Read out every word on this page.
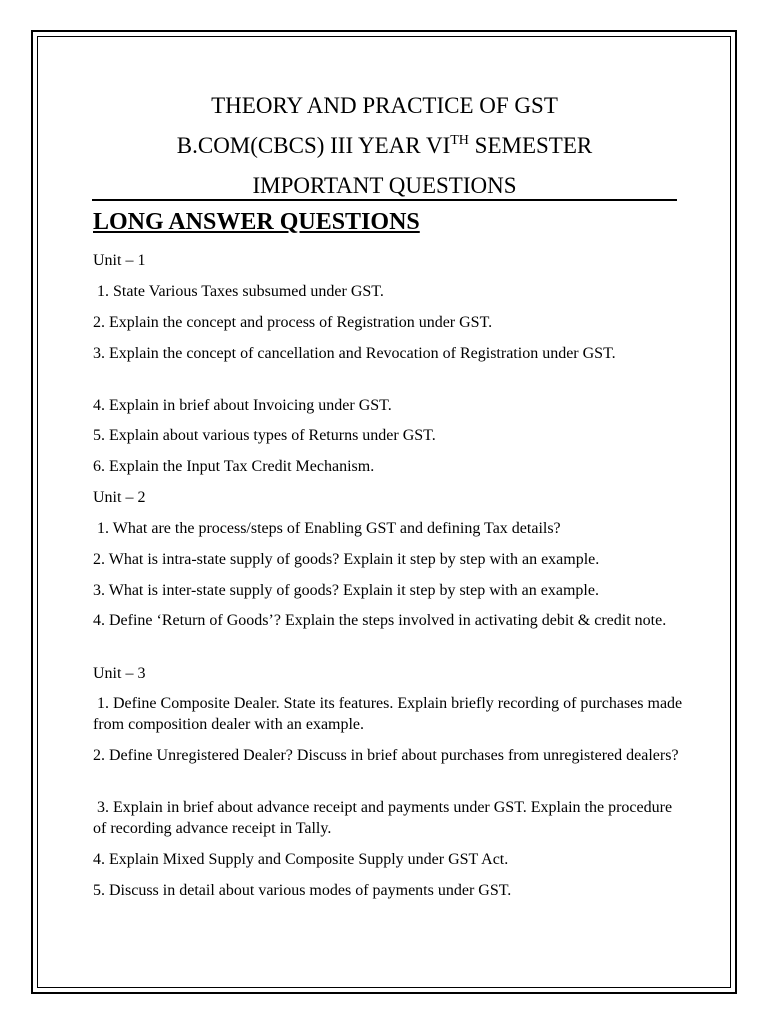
THEORY AND PRACTICE OF GST
B.COM(CBCS) III YEAR VITH SEMESTER
IMPORTANT QUESTIONS
LONG ANSWER QUESTIONS

Unit – 1

1. State Various Taxes subsumed under GST.

2. Explain the concept and process of Registration under GST.

3. Explain the concept of cancellation and Revocation of Registration under GST.

4. Explain in brief about Invoicing under GST.

5. Explain about various types of Returns under GST.

6. Explain the Input Tax Credit Mechanism.

Unit – 2

1. What are the process/steps of Enabling GST and defining Tax details?

2. What is intra-state supply of goods? Explain it step by step with an example.

3. What is inter-state supply of goods? Explain it step by step with an example.

4. Define ‘Return of Goods’? Explain the steps involved in activating debit & credit note.

Unit – 3

1. Define Composite Dealer. State its features. Explain briefly recording of purchases made from composition dealer with an example.

2. Define Unregistered Dealer? Discuss in brief about purchases from unregistered dealers?

3. Explain in brief about advance receipt and payments under GST. Explain the procedure of recording advance receipt in Tally.

4. Explain Mixed Supply and Composite Supply under GST Act.

5. Discuss in detail about various modes of payments under GST.
